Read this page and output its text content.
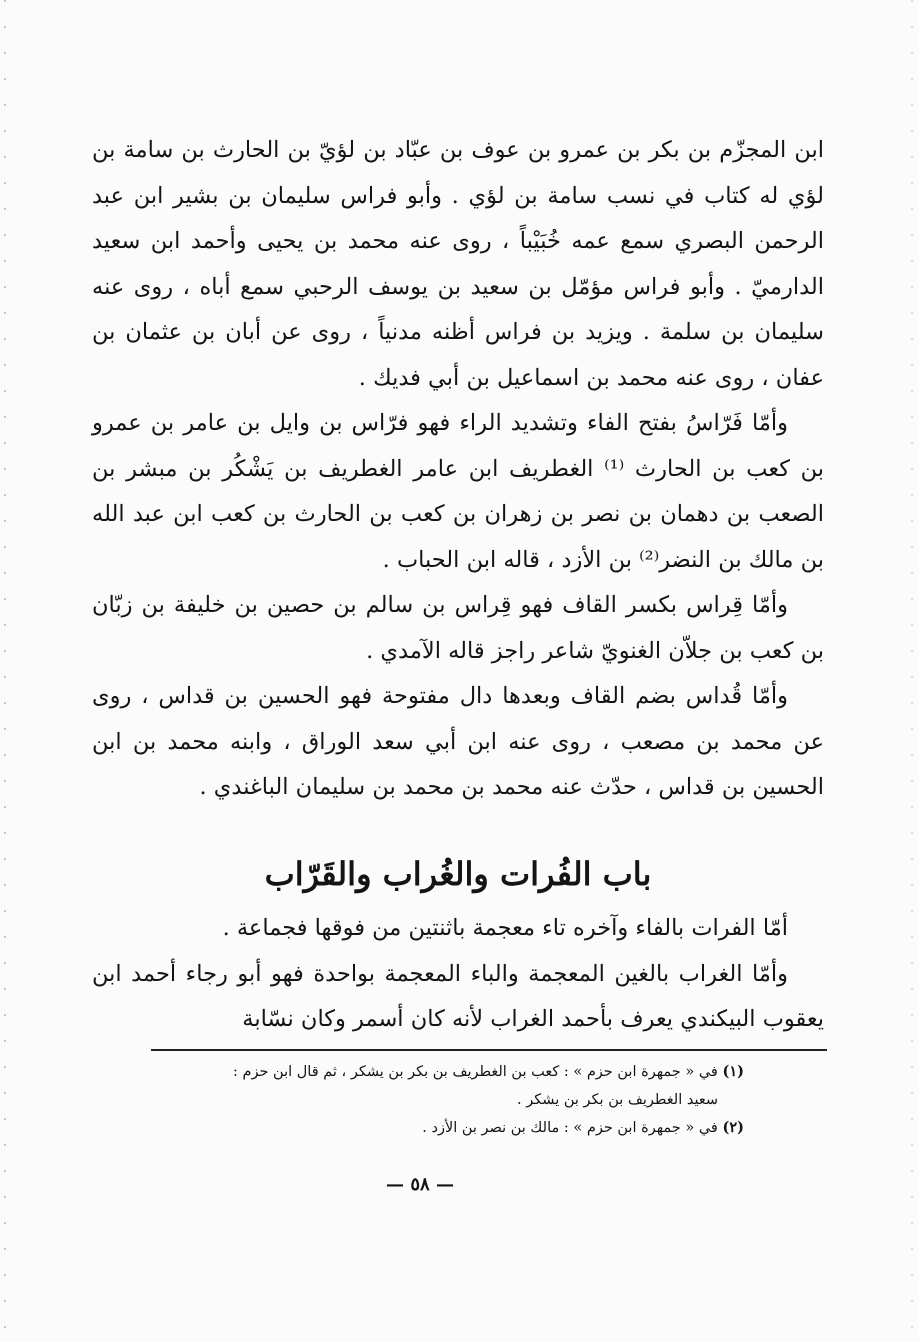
ابن المجزّم بن بكر بن عمرو بن عوف بن عبّاد بن لؤيّ بن الحارث بن سامة بن لؤي له كتاب في نسب سامة بن لؤي . وأبو فراس سليمان بن بشير ابن عبد الرحمن البصري سمع عمه خُبَيْباً ، روى عنه محمد بن يحيى وأحمد ابن سعيد الدارميّ . وأبو فراس مؤمّل بن سعيد بن يوسف الرحبي سمع أباه ، روى عنه سليمان بن سلمة . ويزيد بن فراس أظنه مدنياً ، روى عن أبان بن عثمان بن عفان ، روى عنه محمد بن اسماعيل بن أبي فديك .

وأمّا فَرّاسُ بفتح الفاء وتشديد الراء فهو فرّاس بن وايل بن عامر بن عمرو بن كعب بن الحارث ⁽¹⁾ الغطريف ابن عامر الغطريف بن يَشْكُر بن مبشر بن الصعب بن دهمان بن نصر بن زهران بن كعب بن الحارث بن كعب ابن عبد الله بن مالك بن النضر⁽²⁾ بن الأزد ، قاله ابن الحباب .

وأمّا قِراس بكسر القاف فهو قِراس بن سالم بن حصين بن خليفة بن زبّان بن كعب بن جلاّن الغنويّ شاعر راجز قاله الآمدي .

وأمّا قُداس بضم القاف وبعدها دال مفتوحة فهو الحسين بن قداس ، روى عن محمد بن مصعب ، روى عنه ابن أبي سعد الوراق ، وابنه محمد بن ابن الحسين بن قداس ، حدّث عنه محمد بن محمد بن سليمان الباغندي .

باب الفُرات والغُراب والقَرّاب

أمّا الفرات بالفاء وآخره تاء معجمة باثنتين من فوقها فجماعة .

وأمّا الغراب بالغين المعجمة والباء المعجمة بواحدة فهو أبو رجاء أحمد ابن يعقوب البيكندي يعرف بأحمد الغراب لأنه كان أسمر وكان نسّابة

(١) في « جمهرة ابن حزم » : كعب بن الغطريف بن بكر بن يشكر ، ثم قال ابن حزم :

سعيد الغطريف بن بكر بن يشكر .

(٢) في « جمهرة ابن حزم » : مالك بن نصر بن الأزد .

— ٥٨ —
